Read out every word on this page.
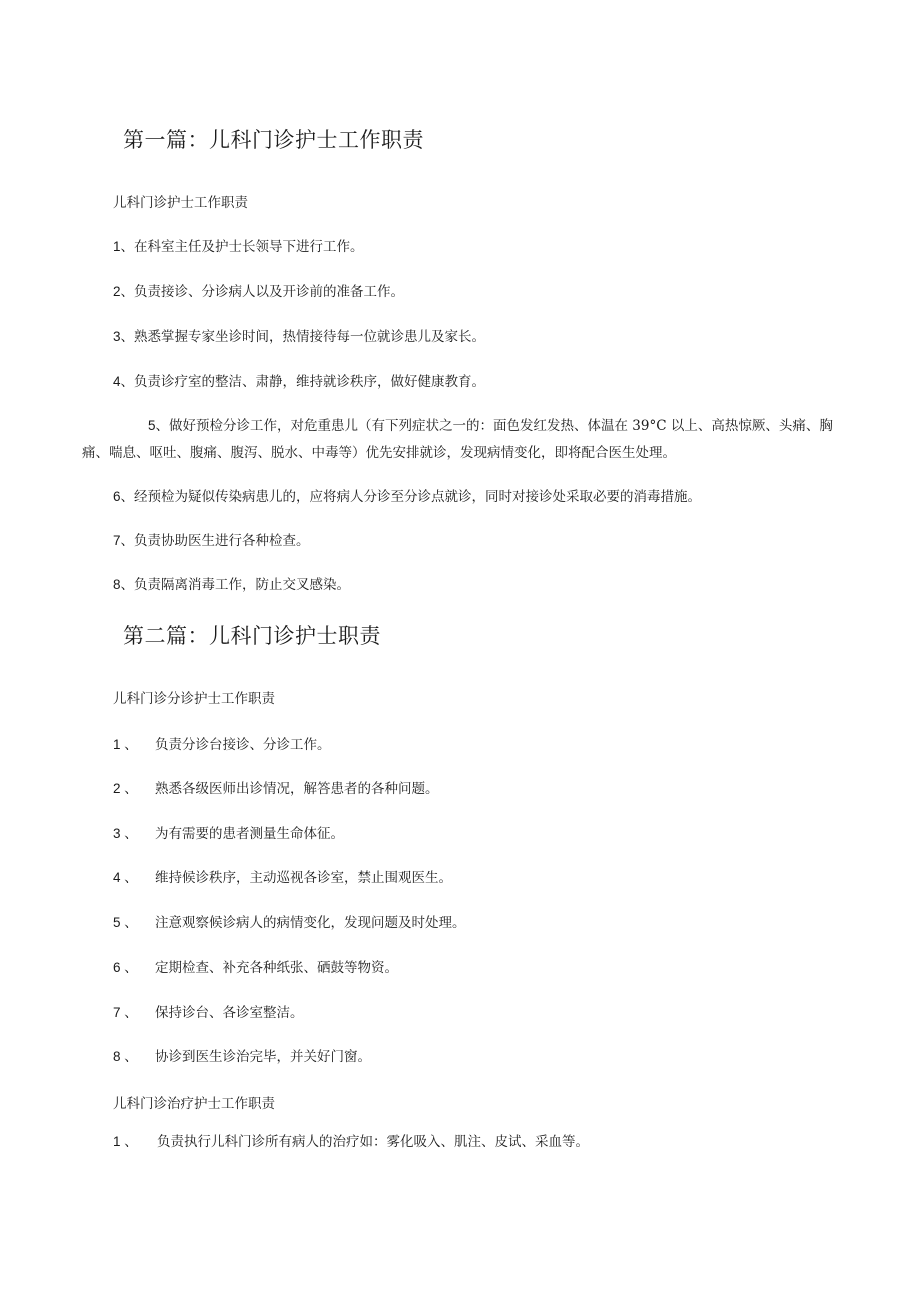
第一篇：儿科门诊护士工作职责
儿科门诊护士工作职责
1、在科室主任及护士长领导下进行工作。
2、负责接诊、分诊病人以及开诊前的准备工作。
3、熟悉掌握专家坐诊时间，热情接待每一位就诊患儿及家长。
4、负责诊疗室的整洁、肃静，维持就诊秩序，做好健康教育。
5、做好预检分诊工作，对危重患儿（有下列症状之一的：面色发红发热、体温在 39°C 以上、高热惊厥、头痛、胸痛、喘息、呕吐、腹痛、腹泻、脱水、中毒等）优先安排就诊，发现病情变化，即将配合医生处理。
6、经预检为疑似传染病患儿的，应将病人分诊至分诊点就诊，同时对接诊处采取必要的消毒措施。
7、负责协助医生进行各种检查。
8、负责隔离消毒工作，防止交叉感染。
第二篇：儿科门诊护士职责
儿科门诊分诊护士工作职责
1 、 负责分诊台接诊、分诊工作。
2 、 熟悉各级医师出诊情况，解答患者的各种问题。
3 、 为有需要的患者测量生命体征。
4 、 维持候诊秩序，主动巡视各诊室，禁止围观医生。
5 、 注意观察候诊病人的病情变化，发现问题及时处理。
6 、 定期检查、补充各种纸张、硒鼓等物资。
7 、 保持诊台、各诊室整洁。
8 、 协诊到医生诊治完毕，并关好门窗。
儿科门诊治疗护士工作职责
1 、 负责执行儿科门诊所有病人的治疗如：雾化吸入、肌注、皮试、采血等。
